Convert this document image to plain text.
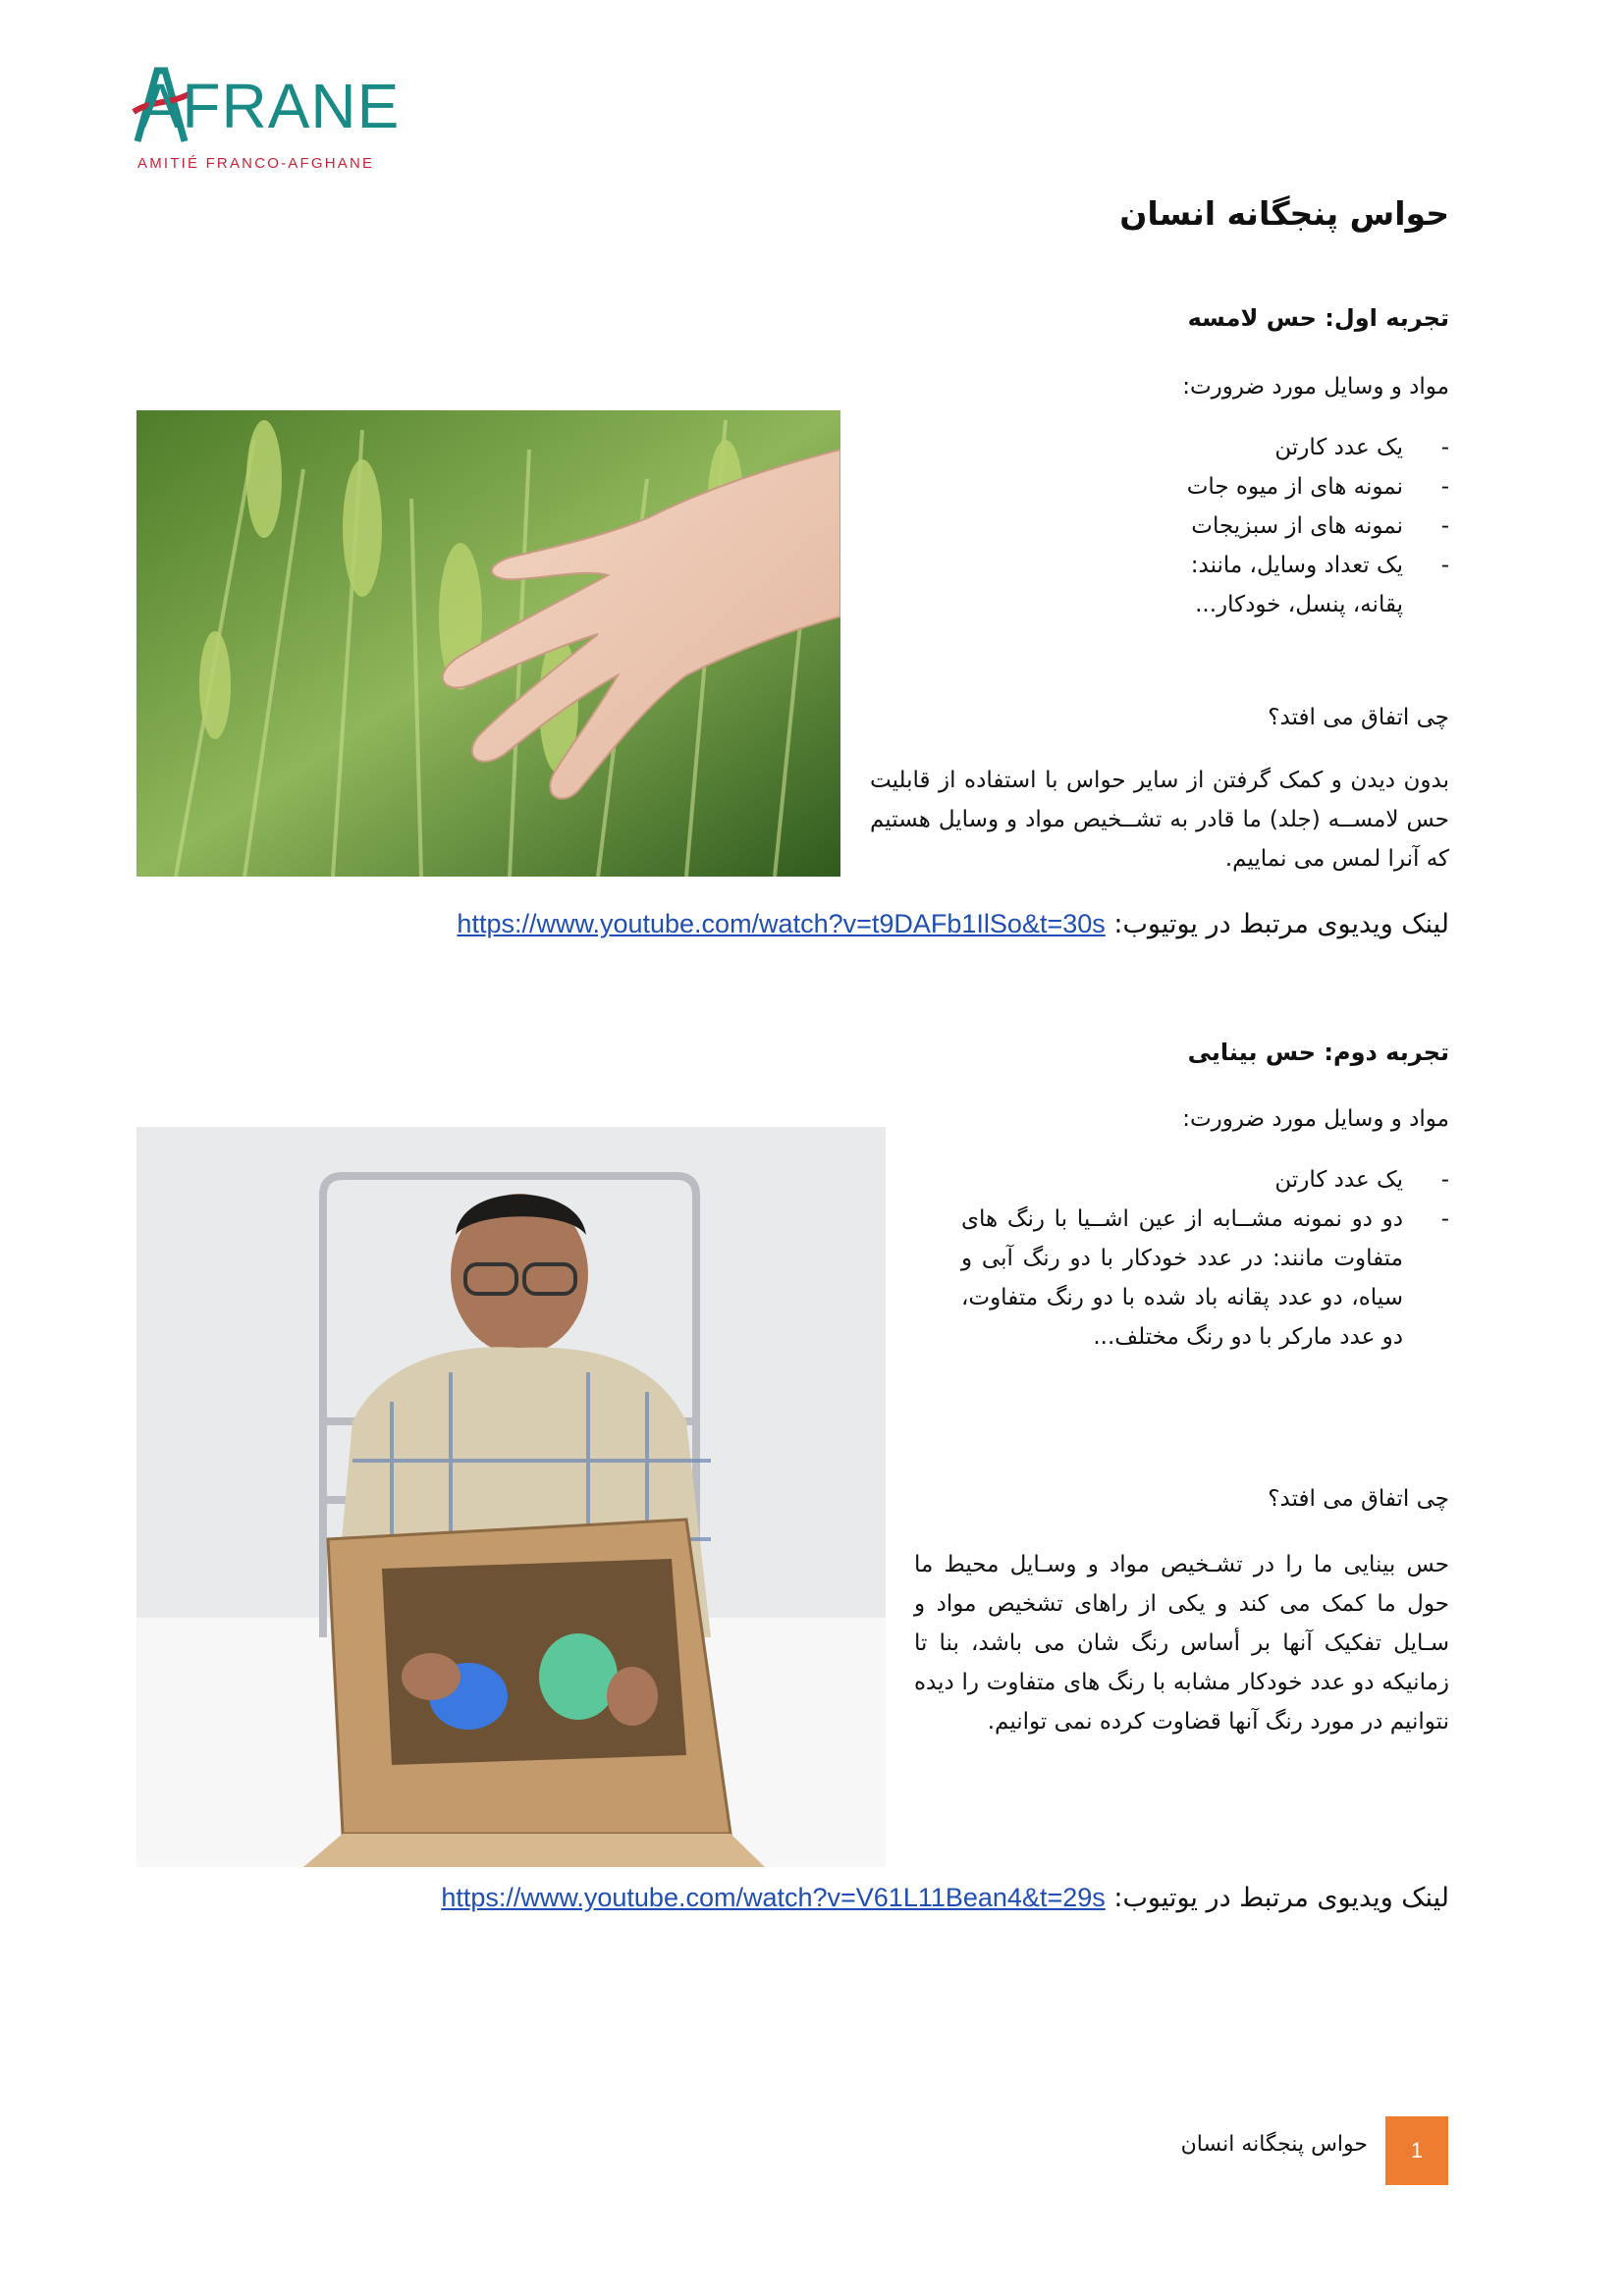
AFRANE
AMITIÉ FRANCO-AFGHANE
حواس پنجگانه انسان
تجربه اول: حس لامسه
مواد و وسایل مورد ضرورت:
-
یک عدد کارتن
-
نمونه های از میوه جات
-
نمونه های از سبزیجات
-
یک تعداد وسایل، مانند: پقانه، پنسل، خودکار...
چی اتفاق می افتد؟
بدون دیدن و کمک گرفتن از سایر حواس با استفاده از قابلیت حس لامســه (جلد) ما قادر به تشــخیص مواد و وسایل هستیم که آنرا لمس می نماییم.
لینک ویدیوی مرتبط در یوتیوب: https://www.youtube.com/watch?v=t9DAFb1IlSo&t=30s
تجربه دوم: حس بینایی
مواد و وسایل مورد ضرورت:
-
یک عدد کارتن
-
دو دو نمونه مشــابه از عین اشــیا با رنگ های متفاوت مانند: در عدد خودکار با دو رنگ آبی و سیاه، دو عدد پقانه باد شده با دو رنگ متفاوت، دو عدد مارکر با دو رنگ مختلف...
چی اتفاق می افتد؟
حس بینایی ما را در تشـخیص مواد و وسـایل محیط ما حول ما کمک می کند و یکی از راهای تشخیص مواد و سـایل تفکیک آنها بر أساس رنگ شان می باشد، بنا تا زمانیکه دو عدد خودکار مشابه با رنگ های متفاوت را دیده نتوانیم در مورد رنگ آنها قضاوت کرده نمی توانیم.
لینک ویدیوی مرتبط در یوتیوب: https://www.youtube.com/watch?v=V61L11Bean4&t=29s
حواس پنجگانه انسان	1
